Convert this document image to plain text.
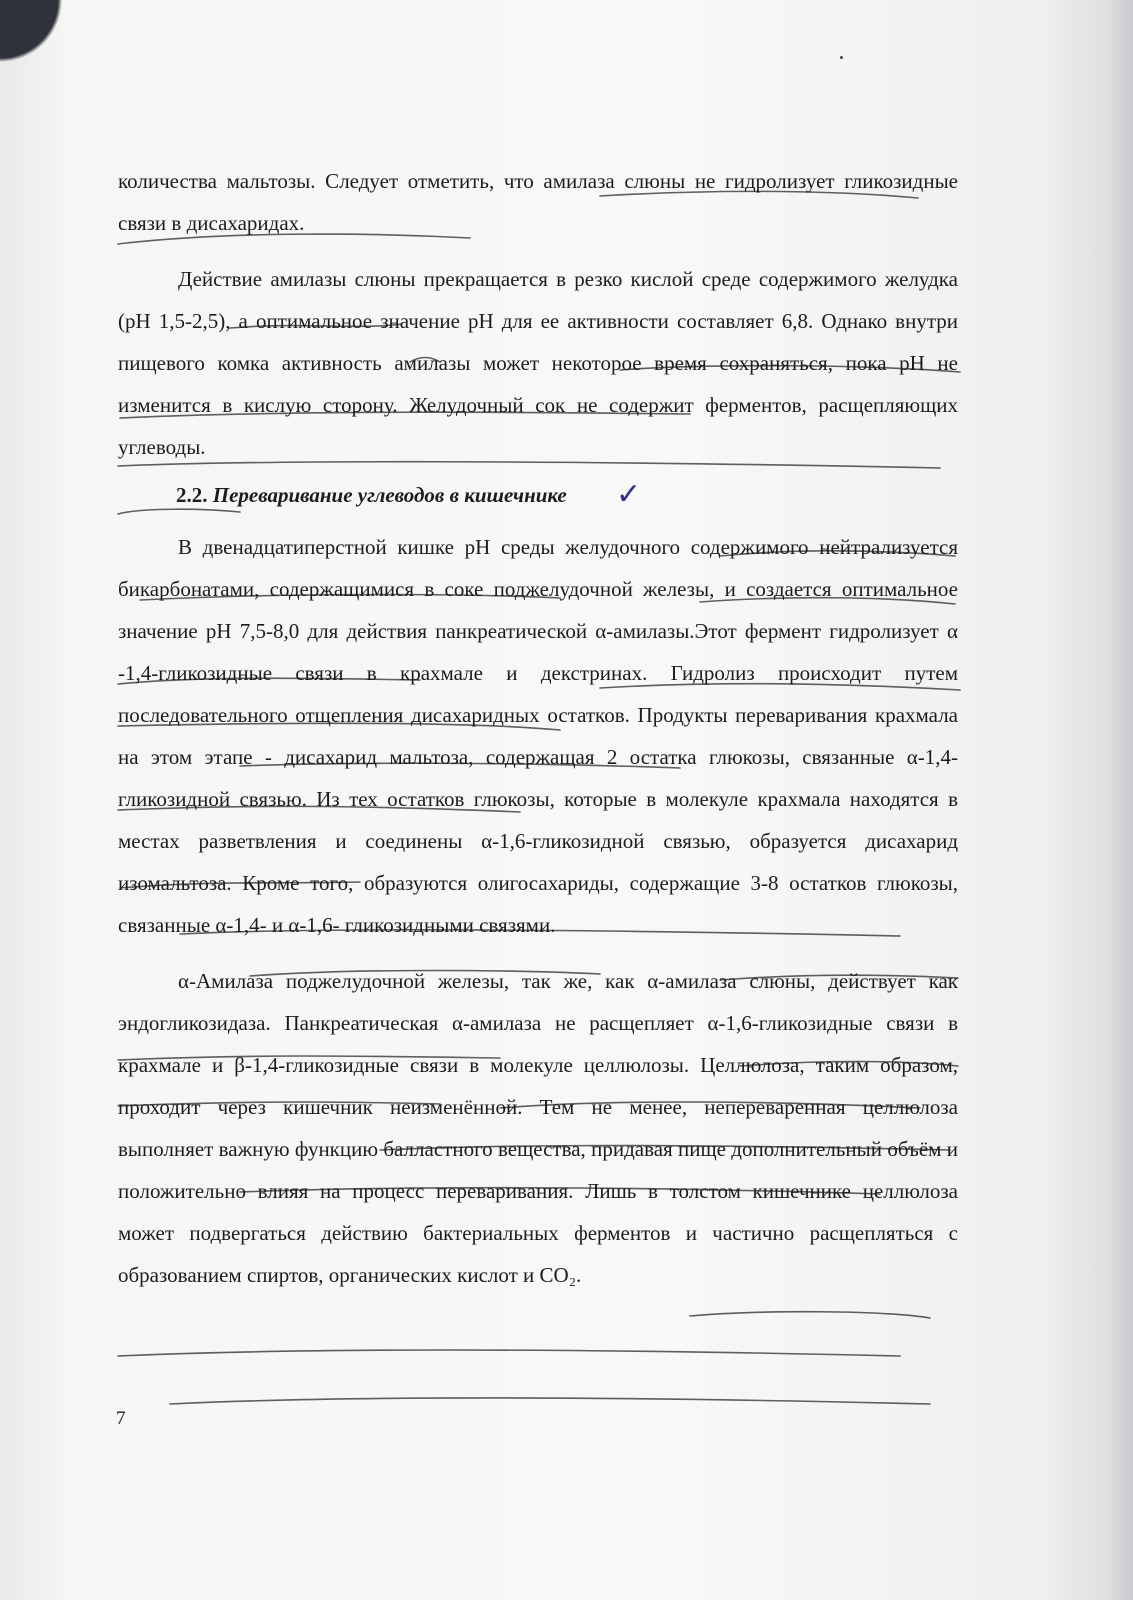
количества мальтозы. Следует отметить, что амилаза слюны не гидролизует гликозидные связи в дисахаридах.

Действие амилазы слюны прекращается в резко кислой среде содержимого желудка (рН 1,5-2,5), а оптимальное значение рН для ее активности составляет 6,8. Однако внутри пищевого комка активность амилазы может некоторое время сохраняться, пока рН не изменится в кислую сторону. Желудочный сок не содержит ферментов, расщепляющих углеводы.

2.2. Переваривание углеводов в кишечнике ✓

В двенадцатиперстной кишке рН среды желудочного содержимого нейтрализуется бикарбонатами, содержащимися в соке поджелудочной железы, и создается оптимальное значение рН 7,5-8,0 для действия панкреатической α-амилазы.Этот фермент гидролизует α -1,4-гликозидные связи в крахмале и декстринах. Гидролиз происходит путем последовательного отщепления дисахаридных остатков. Продукты переваривания крахмала на этом этапе - дисахарид мальтоза, содержащая 2 остатка глюкозы, связанные α-1,4-гликозидной связью. Из тех остатков глюкозы, которые в молекуле крахмала находятся в местах разветвления и соединены α-1,6-гликозидной связью, образуется дисахарид изомальтоза. Кроме того, образуются олигосахариды, содержащие 3-8 остатков глюкозы, связанные α-1,4- и α-1,6- гликозидными связями.

α-Амилаза поджелудочной железы, так же, как α-амилаза слюны, действует как эндогликозидаза. Панкреатическая α-амилаза не расщепляет α-1,6-гликозидные связи в крахмале и β-1,4-гликозидные связи в молекуле целлюлозы. Целлюлоза, таким образом, проходит через кишечник неизменённой. Тем не менее, непереваренная целлюлоза выполняет важную функцию балластного вещества, придавая пище дополнительный объём и положительно влияя на процесс переваривания. Лишь в толстом кишечнике целлюлоза может подвергаться действию бактериальных ферментов и частично расщепляться с образованием спиртов, органических кислот и CO₂.

7
